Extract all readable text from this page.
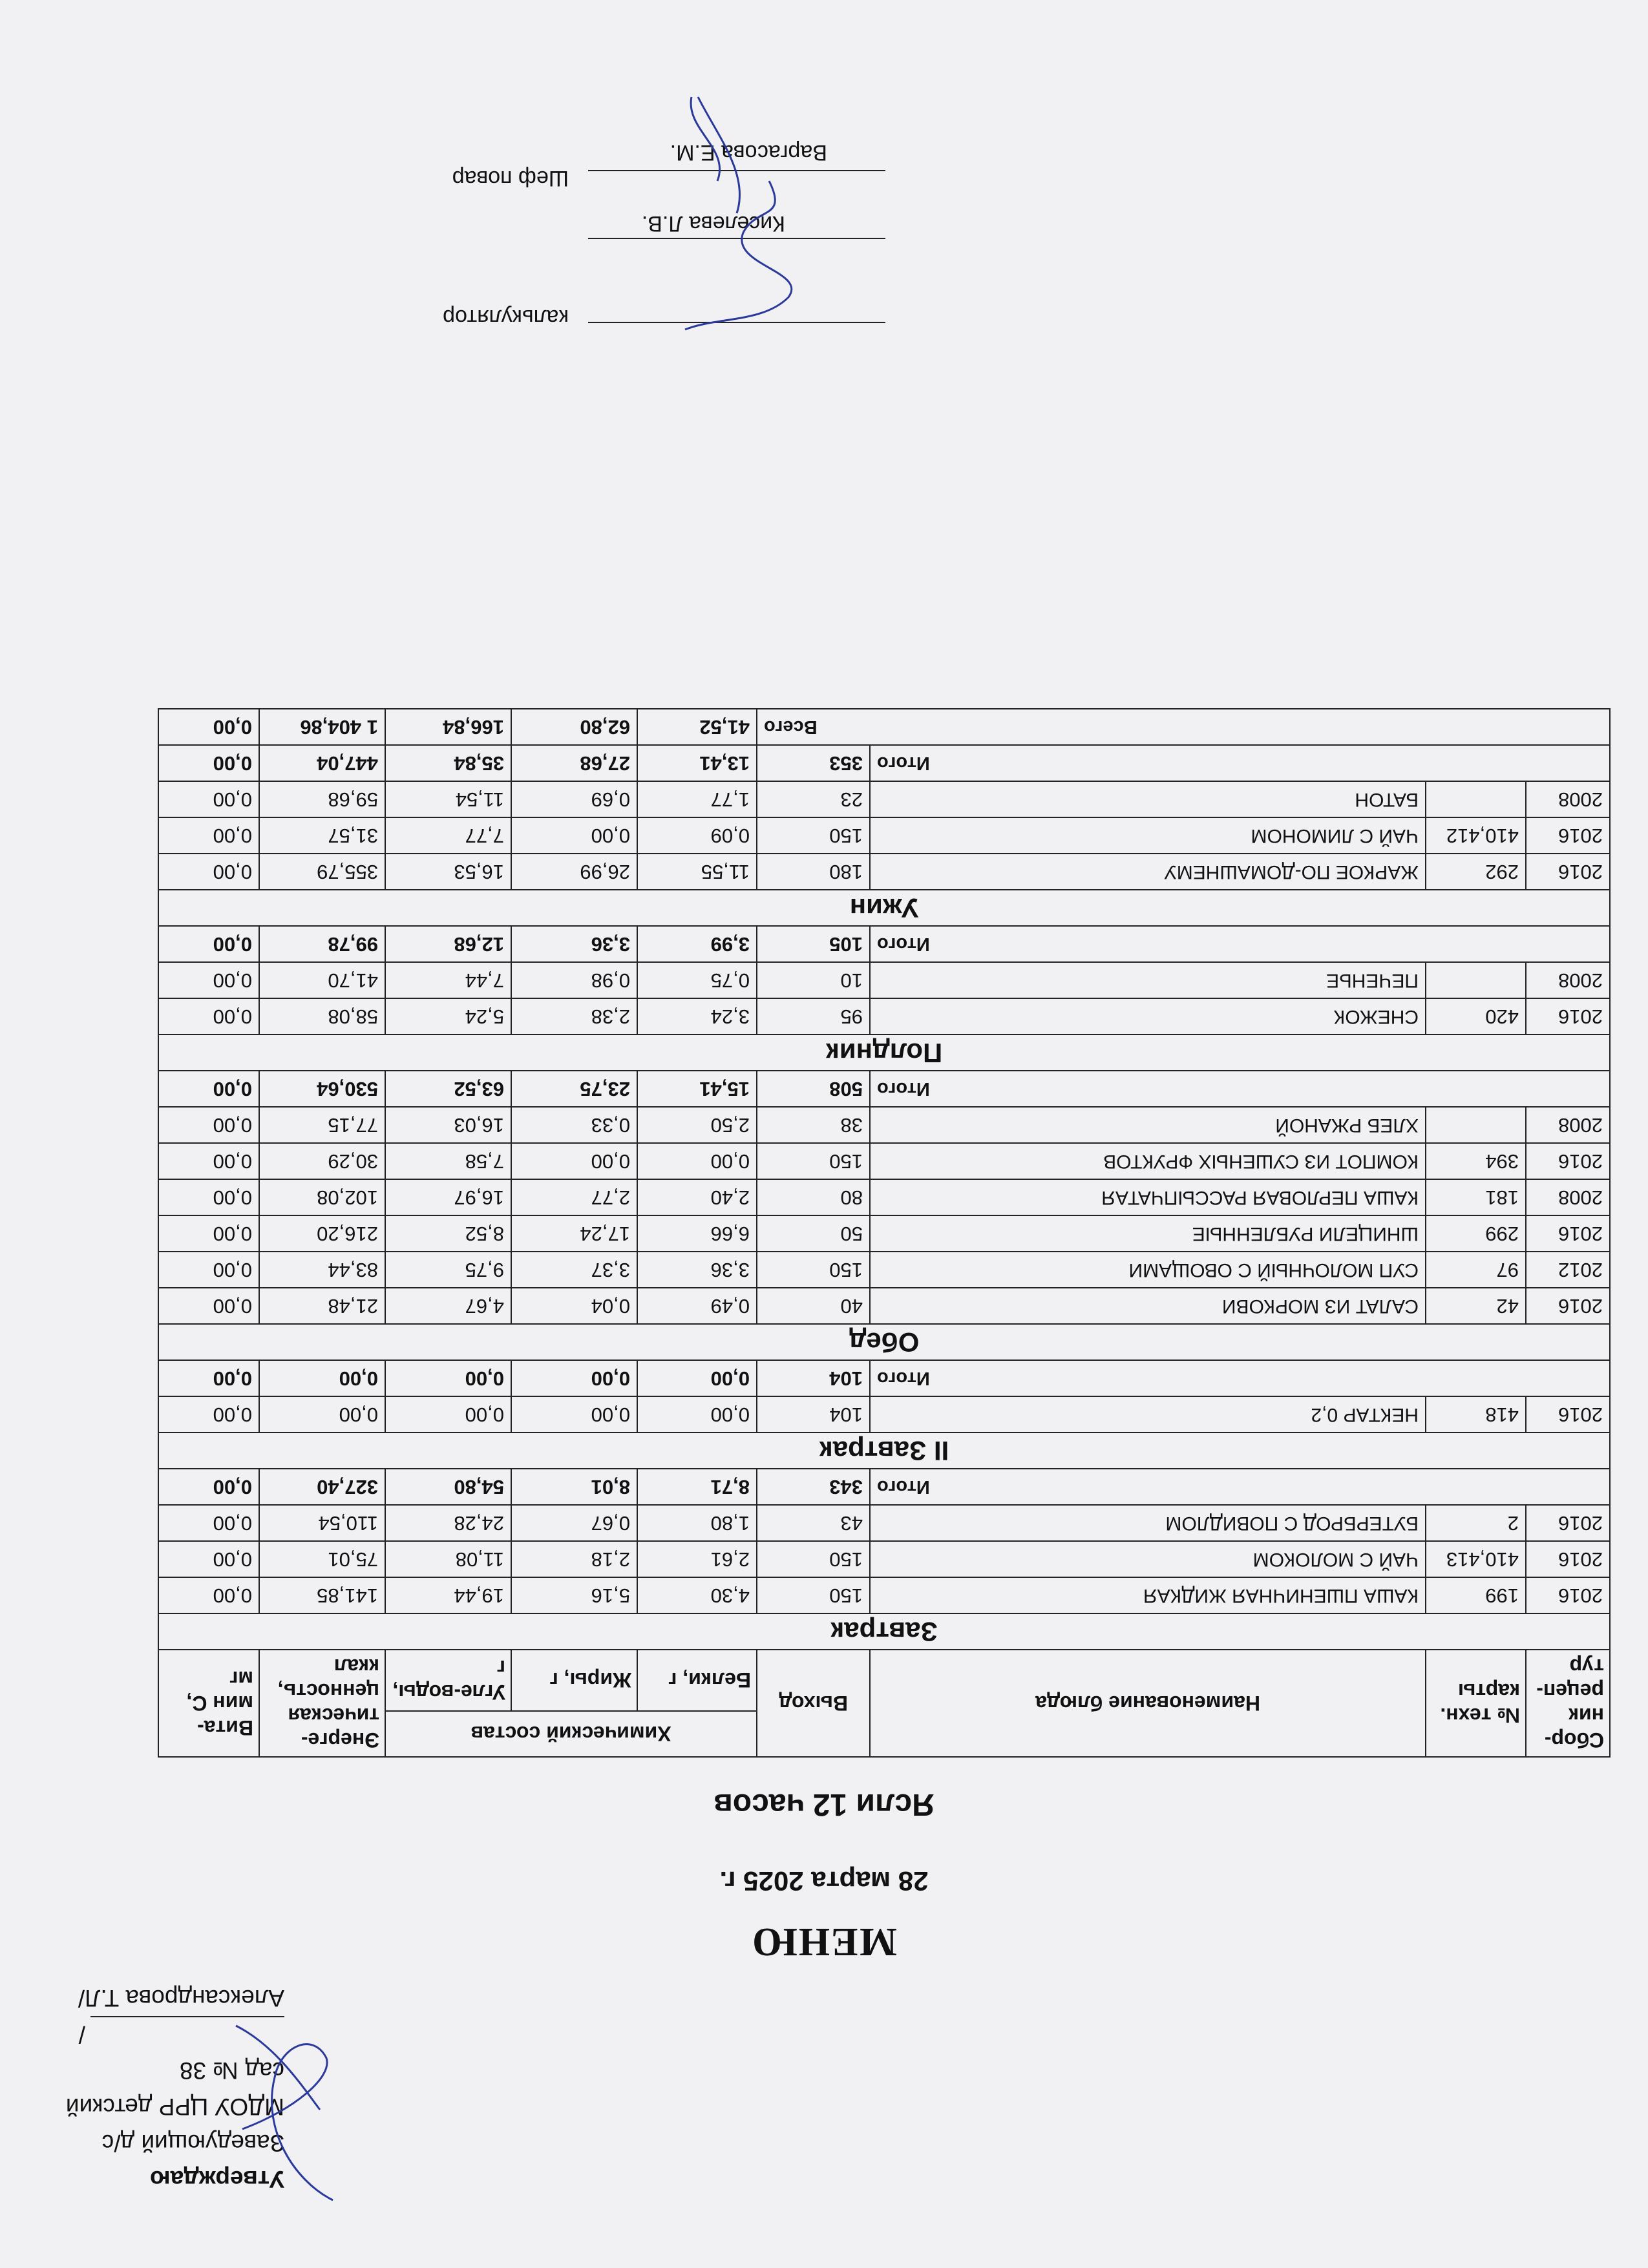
Утверждаю
Заведующий д/с
МДОУ ЦРР детский сад № 38
/Александрова Т.Л/
МЕНЮ
28 марта 2025 г.
Ясли 12 часов
Сбор-ник рецеп-тур	№ техн. карты	Наименование блюда	Выход	Химический состав			Энерге-тическая ценность, ккал	Вита-мин С, мг
				Белки, г	Жиры, г	Угле-воды, г		
Завтрак								
2016	199	КАША ПШЕНИЧНАЯ ЖИДКАЯ	150	4,30	5,16	19,44	141,85	0,00
2016	410,413	ЧАЙ С МОЛОКОМ	150	2,61	2,18	11,08	75,01	0,00
2016	2	БУТЕРБРОД С ПОВИДЛОМ	43	1,80	0,67	24,28	110,54	0,00
Итого			343	8,71	8,01	54,80	327,40	0,00
II Завтрак								
2016	418	НЕКТАР 0,2	104	0,00	0,00	0,00	0,00	0,00
Итого			104	0,00	0,00	0,00	0,00	0,00
Обед								
2016	42	САЛАТ ИЗ МОРКОВИ	40	0,49	0,04	4,67	21,48	0,00
2012	97	СУП МОЛОЧНЫЙ С ОВОЩАМИ	150	3,36	3,37	9,75	83,44	0,00
2016	299	ШНИЦЕЛИ РУБЛЕННЫЕ	50	6,66	17,24	8,52	216,20	0,00
2008	181	КАША ПЕРЛОВАЯ РАССЫПЧАТАЯ	80	2,40	2,77	16,97	102,08	0,00
2016	394	КОМПОТ ИЗ СУШЕНЫХ ФРУКТОВ	150	0,00	0,00	7,58	30,29	0,00
2008		ХЛЕБ РЖАНОЙ	38	2,50	0,33	16,03	77,15	0,00
Итого			508	15,41	23,75	63,52	530,64	0,00
Полдник								
2016	420	СНЕЖОК	95	3,24	2,38	5,24	58,08	0,00
2008		ПЕЧЕНЬЕ	10	0,75	0,98	7,44	41,70	0,00
Итого			105	3,99	3,36	12,68	99,78	0,00
Ужин								
2016	292	ЖАРКОЕ ПО-ДОМАШНЕМУ	180	11,55	26,99	16,53	355,79	0,00
2016	410,412	ЧАЙ С ЛИМОНОМ	150	0,09	0,00	7,77	31,57	0,00
2008		БАТОН	23	1,77	0,69	11,54	59,68	0,00
Итого			353	13,41	27,68	35,84	447,04	0,00
Всего				41,52	62,80	166,84	1 404,86	0,00
калькулятор
Киселева Л.В.
Шеф повар
Варгасова Е.М.
